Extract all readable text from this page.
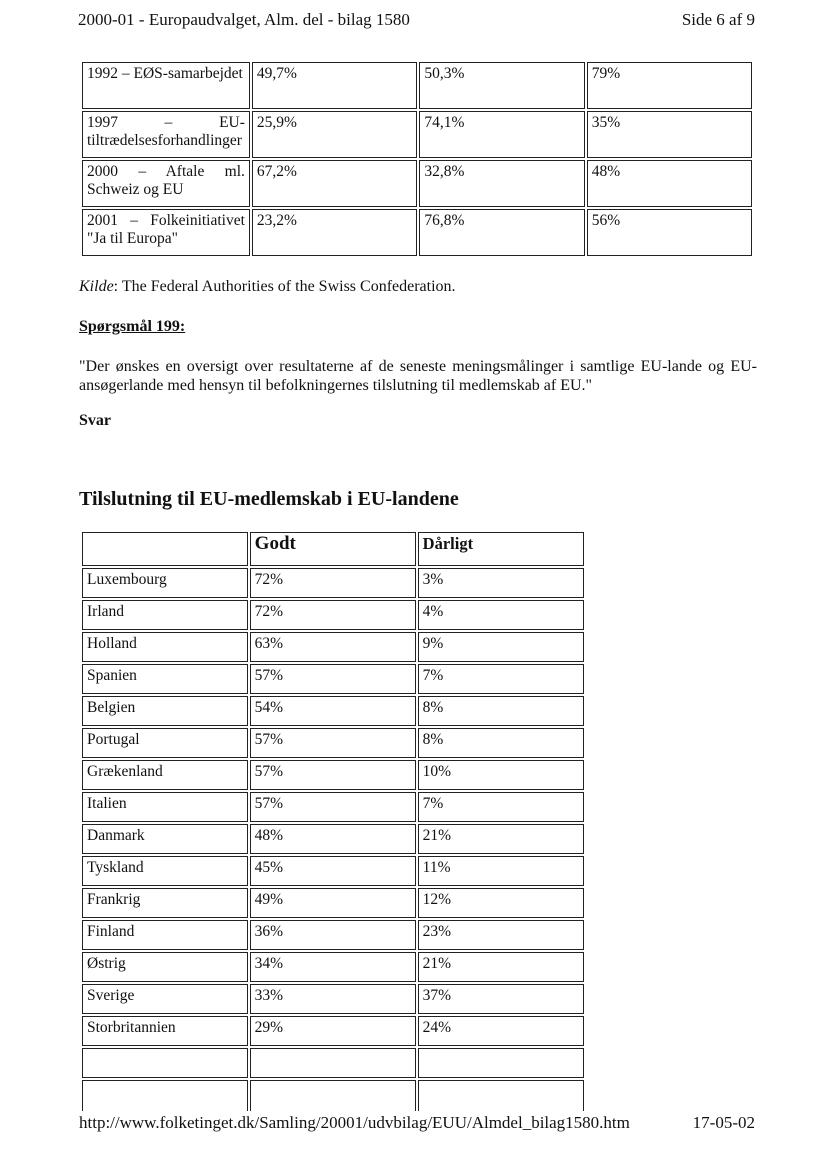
2000-01 - Europaudvalget, Alm. del - bilag 1580	Side 6 af 9
1992 – EØS-samarbejdet	49,7%	50,3%	79%
1997 – EU-tiltrædelsesforhandlinger	25,9%	74,1%	35%
2000 – Aftale ml. Schweiz og EU	67,2%	32,8%	48%
2001 – Folkeinitiativet "Ja til Europa"	23,2%	76,8%	56%
Kilde: The Federal Authorities of the Swiss Confederation.
Spørgsmål 199:
"Der ønskes en oversigt over resultaterne af de seneste meningsmålinger i samtlige EU-lande og EU-ansøgerlande med hensyn til befolkningernes tilslutning til medlemskab af EU."
Svar
Tilslutning til EU-medlemskab i EU-landene
	Godt	Dårligt
Luxembourg	72%	3%
Irland	72%	4%
Holland	63%	9%
Spanien	57%	7%
Belgien	54%	8%
Portugal	57%	8%
Grækenland	57%	10%
Italien	57%	7%
Danmark	48%	21%
Tyskland	45%	11%
Frankrig	49%	12%
Finland	36%	23%
Østrig	34%	21%
Sverige	33%	37%
Storbritannien	29%	24%

http://www.folketinget.dk/Samling/20001/udvbilag/EUU/Almdel_bilag1580.htm	17-05-02
